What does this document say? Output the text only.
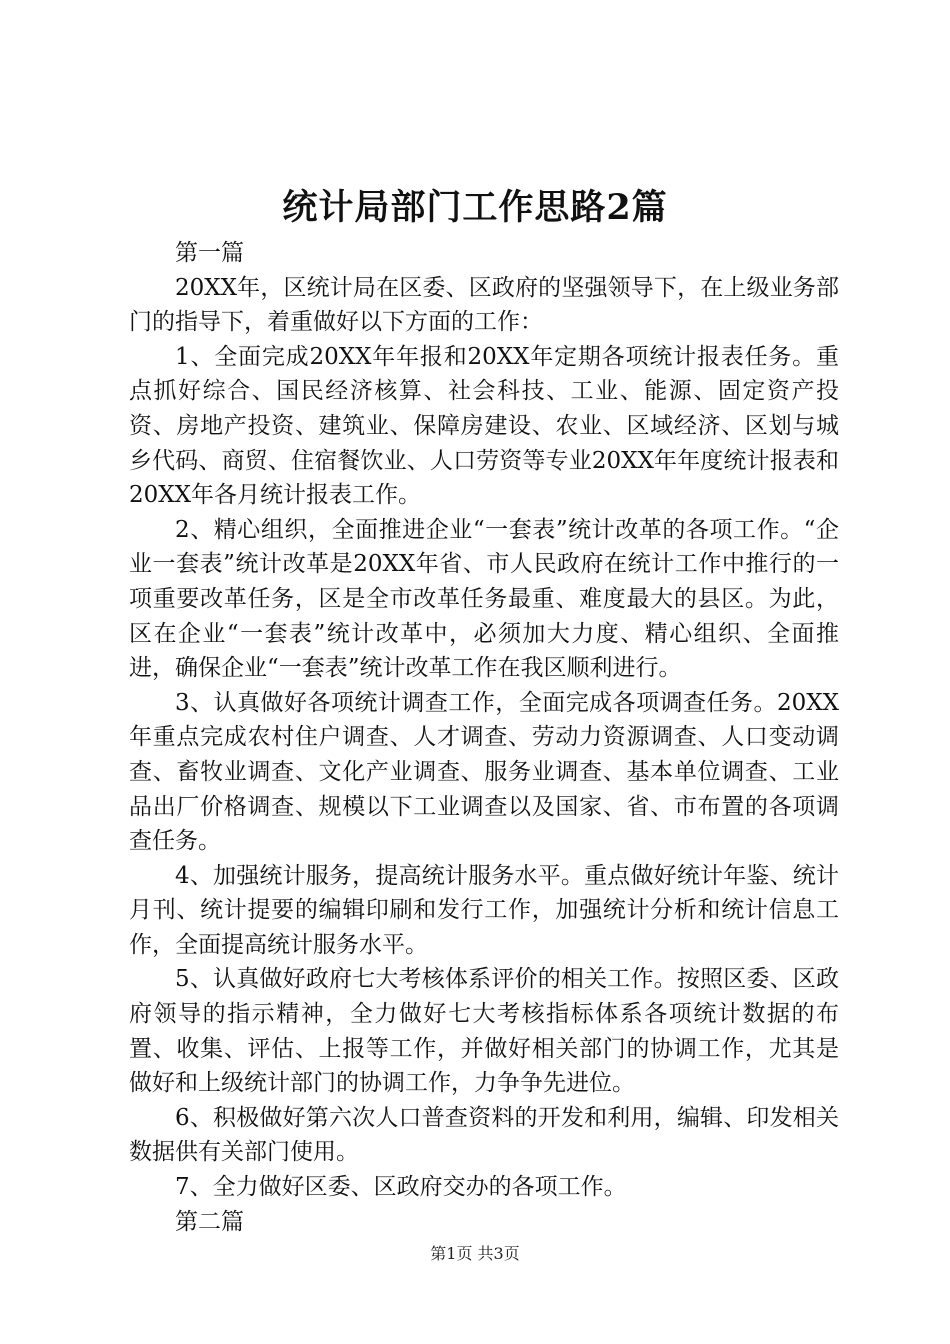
统计局部门工作思路2篇

第一篇

20XX年，区统计局在区委、区政府的坚强领导下，在上级业务部门的指导下，着重做好以下方面的工作：

1、全面完成20XX年年报和20XX年定期各项统计报表任务。重点抓好综合、国民经济核算、社会科技、工业、能源、固定资产投资、房地产投资、建筑业、保障房建设、农业、区域经济、区划与城乡代码、商贸、住宿餐饮业、人口劳资等专业20XX年年度统计报表和20XX年各月统计报表工作。

2、精心组织，全面推进企业“一套表”统计改革的各项工作。“企业一套表”统计改革是20XX年省、市人民政府在统计工作中推行的一项重要改革任务，区是全市改革任务最重、难度最大的县区。为此，区在企业“一套表”统计改革中，必须加大力度、精心组织、全面推进，确保企业“一套表”统计改革工作在我区顺利进行。

3、认真做好各项统计调查工作，全面完成各项调查任务。20XX年重点完成农村住户调查、人才调查、劳动力资源调查、人口变动调查、畜牧业调查、文化产业调查、服务业调查、基本单位调查、工业品出厂价格调查、规模以下工业调查以及国家、省、市布置的各项调查任务。

4、加强统计服务，提高统计服务水平。重点做好统计年鉴、统计月刊、统计提要的编辑印刷和发行工作，加强统计分析和统计信息工作，全面提高统计服务水平。

5、认真做好政府七大考核体系评价的相关工作。按照区委、区政府领导的指示精神，全力做好七大考核指标体系各项统计数据的布置、收集、评估、上报等工作，并做好相关部门的协调工作，尤其是做好和上级统计部门的协调工作，力争争先进位。

6、积极做好第六次人口普查资料的开发和利用，编辑、印发相关数据供有关部门使用。

7、全力做好区委、区政府交办的各项工作。

第二篇

第1页 共3页
